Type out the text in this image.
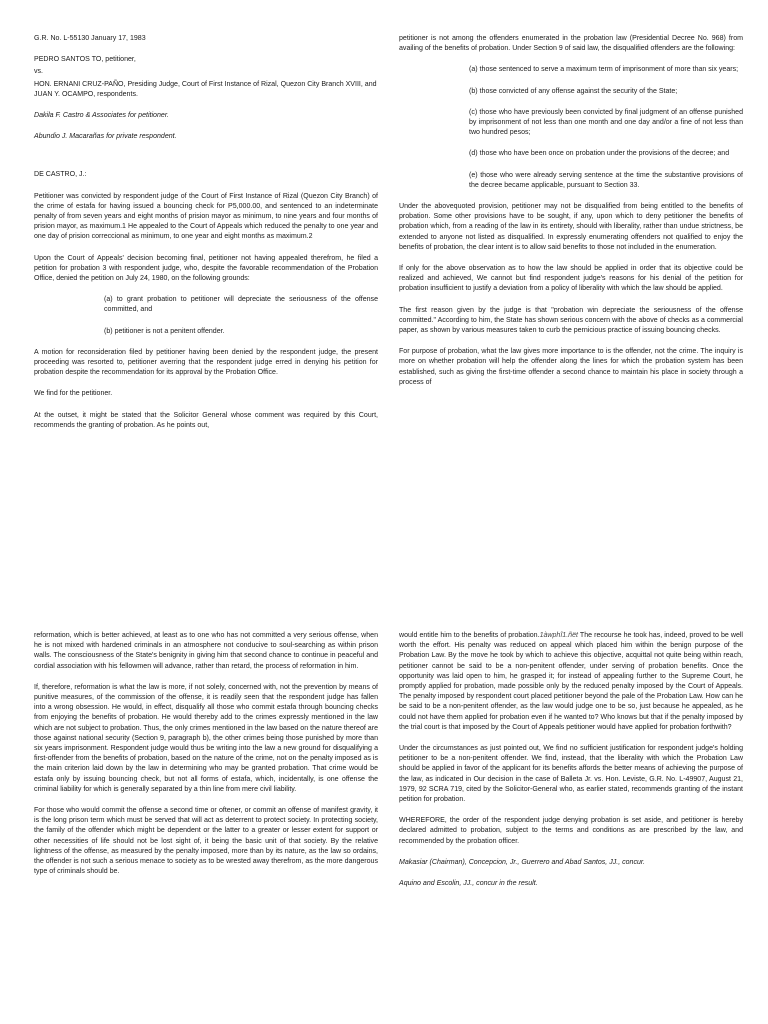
G.R. No. L-55130 January 17, 1983

PEDRO SANTOS TO, petitioner,

vs.

HON. ERNANI CRUZ-PAÑO, Presiding Judge, Court of First Instance of Rizal, Quezon City Branch XVIII, and JUAN Y. OCAMPO, respondents.

Dakila F. Castro & Associates for petitioner.

Abundio J. Macarañas for private respondent.

DE CASTRO, J.:

Petitioner was convicted by respondent judge of the Court of First Instance of Rizal (Quezon City Branch) of the crime of estafa for having issued a bouncing check for P5,000.00, and sentenced to an indeterminate penalty of from seven years and eight months of prision mayor as minimum, to nine years and four months of prision mayor, as maximum.1 He appealed to the Court of Appeals which reduced the penalty to one year and one day of prision correccional as minimum, to one year and eight months as maximum.2

Upon the Court of Appeals' decision becoming final, petitioner not having appealed therefrom, he filed a petition for probation 3 with respondent judge, who, despite the favorable recommendation of the Probation Office, denied the petition on July 24, 1980, on the following grounds:

(a) to grant probation to petitioner will depreciate the seriousness of the offense committed, and

(b) petitioner is not a penitent offender.

A motion for reconsideration filed by petitioner having been denied by the respondent judge, the present proceeding was resorted to, petitioner averring that the respondent judge erred in denying his petition for probation despite the recommendation for its approval by the Probation Office.

We find for the petitioner.

At the outset, it might be stated that the Solicitor General whose comment was required by this Court, recommends the granting of probation. As he points out,

petitioner is not among the offenders enumerated in the probation law (Presidential Decree No. 968) from availing of the benefits of probation. Under Section 9 of said law, the disqualified offenders are the following:

(a) those sentenced to serve a maximum term of imprisonment of more than six years;

(b) those convicted of any offense against the security of the State;

(c) those who have previously been convicted by final judgment of an offense punished by imprisonment of not less than one month and one day and/or a fine of not less than two hundred pesos;

(d) those who have been once on probation under the provisions of the decree; and

(e) those who were already serving sentence at the time the substantive provisions of the decree became applicable, pursuant to Section 33.

Under the abovequoted provision, petitioner may not be disqualified from being entitled to the benefits of probation. Some other provisions have to be sought, if any, upon which to deny petitioner the benefits of probation which, from a reading of the law in its entirety, should with liberality, rather than undue strictness, be extended to anyone not listed as disqualified. In expressly enumerating offenders not qualified to enjoy the benefits of probation, the clear intent is to allow said benefits to those not included in the enumeration.

If only for the above observation as to how the law should be applied in order that its objective could be realized and achieved, We cannot but find respondent judge's reasons for his denial of the petition for probation insufficient to justify a deviation from a policy of liberality with which the law should be applied.

The first reason given by the judge is that "probation win depreciate the seriousness of the offense committed." According to him, the State has shown serious concern with the above of checks as a commercial paper, as shown by various measures taken to curb the pernicious practice of issuing bouncing checks.

For purpose of probation, what the law gives more importance to is the offender, not the crime. The inquiry is more on whether probation will help the offender along the lines for which the probation system has been established, such as giving the first-time offender a second chance to maintain his place in society through a process of

reformation, which is better achieved, at least as to one who has not committed a very serious offense, when he is not mixed with hardened criminals in an atmosphere not conducive to soul-searching as within prison walls. The consciousness of the State's benignity in giving him that second chance to continue in peaceful and cordial association with his fellowmen will advance, rather than retard, the process of reformation in him.

If, therefore, reformation is what the law is more, if not solely, concerned with, not the prevention by means of punitive measures, of the commission of the offense, it is readily seen that the respondent judge has fallen into a wrong obsession. He would, in effect, disqualify all those who commit estafa through bouncing checks from enjoying the benefits of probation. He would thereby add to the crimes expressly mentioned in the law which are not subject to probation. Thus, the only crimes mentioned in the law based on the nature thereof are those against national security (Section 9, paragraph b), the other crimes being those punished by more than six years imprisonment. Respondent judge would thus be writing into the law a new ground for disqualifying a first-offender from the benefits of probation, based on the nature of the crime, not on the penalty imposed as is the main criterion laid down by the law in determining who may be granted probation. That crime would be estafa only by issuing bouncing check, but not all forms of estafa, which, incidentally, is one offense the criminal liability for which is generally separated by a thin line from mere civil liability.

For those who would commit the offense a second time or oftener, or commit an offense of manifest gravity, it is the long prison term which must be served that will act as deterrent to protect society. In protecting society, the family of the offender which might be dependent or the latter to a greater or lesser extent for support or other necessities of life should not be lost sight of, it being the basic unit of that society. By the relative lightness of the offense, as measured by the penalty imposed, more than by its nature, as the law so ordains, the offender is not such a serious menace to society as to be wrested away therefrom, as the more dangerous type of criminals should be.

would entitle him to the benefits of probation.1àwphî1.ñët The recourse he took has, indeed, proved to be well worth the effort. His penalty was reduced on appeal which placed him within the benign purpose of the Probation Law. By the move he took by which to achieve this objective, acquittal not quite being within reach, petitioner cannot be said to be a non-penitent offender, under serving of probation benefits. Once the opportunity was laid open to him, he grasped it; for instead of appealing further to the Supreme Court, he promptly applied for probation, made possible only by the reduced penalty imposed by the Court of Appeals. The penalty imposed by respondent court placed petitioner beyond the pale of the Probation Law. How can he be said to be a non-penitent offender, as the law would judge one to be so, just because he appealed, as he could not have them applied for probation even if he wanted to? Who knows but that if the penalty imposed by the trial court is that imposed by the Court of Appeals petitioner would have applied for probation forthwith?

Under the circumstances as just pointed out, We find no sufficient justification for respondent judge's holding petitioner to be a non-penitent offender. We find, instead, that the liberality with which the Probation Law should be applied in favor of the applicant for its benefits affords the better means of achieving the purpose of the law, as indicated in Our decision in the case of Balleta Jr. vs. Hon. Leviste, G.R. No. L-49907, August 21, 1979, 92 SCRA 719, cited by the Solicitor-General who, as earlier stated, recommends granting of the instant petition for probation.

WHEREFORE, the order of the respondent judge denying probation is set aside, and petitioner is hereby declared admitted to probation, subject to the terms and conditions as are prescribed by the law, and recommended by the probation officer.

Makasiar (Chairman), Concepcion, Jr., Guerrero and Abad Santos, JJ., concur.

Aquino and Escolin, JJ., concur in the result.
